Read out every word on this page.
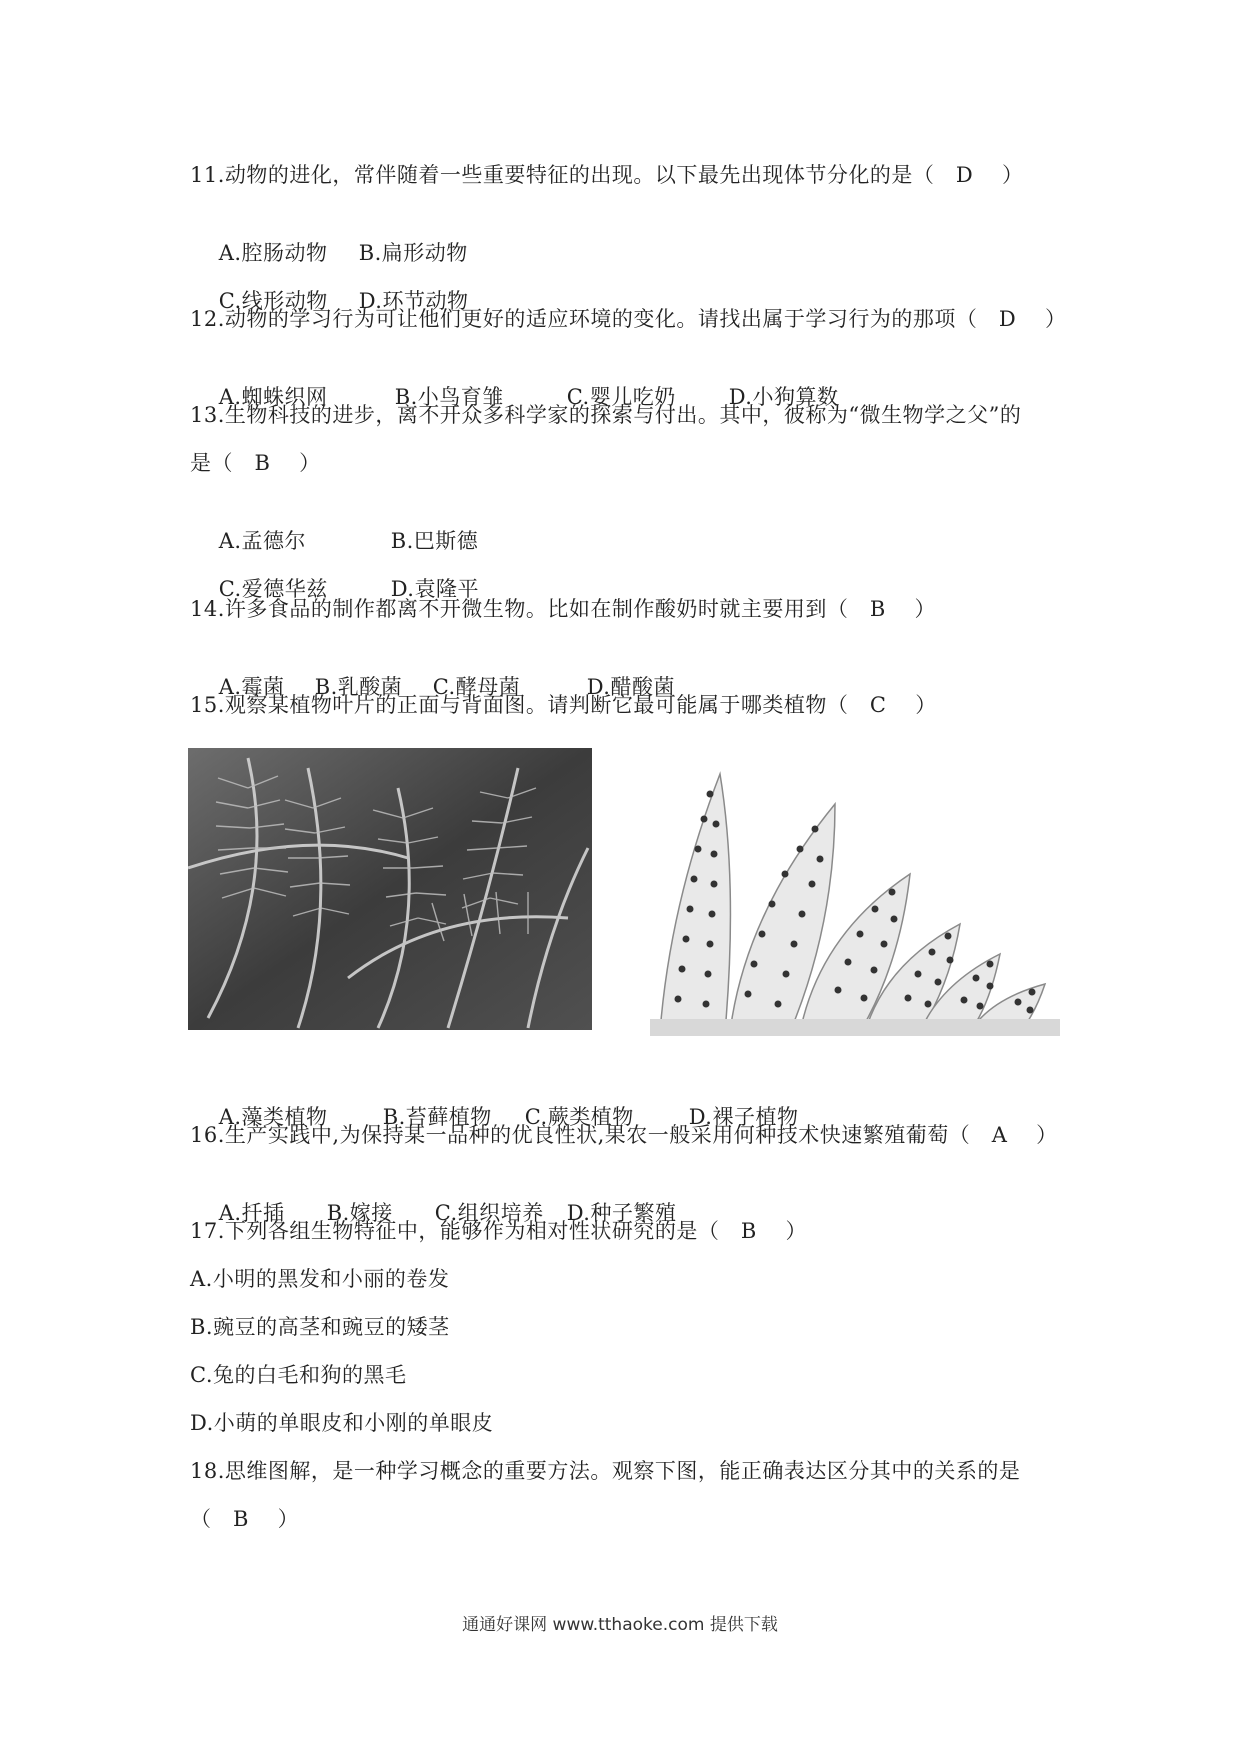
11.动物的进化，常伴随着一些重要特征的出现。以下最先出现体节分化的是（   D    ）

A.腔肠动物 B.扁形动物

C.线形动物 D.环节动物

12.动物的学习行为可让他们更好的适应环境的变化。请找出属于学习行为的那项（   D    ）

A.蜘蛛织网	B.小鸟育雏	C.婴儿吃奶	D.小狗算数

13.生物科技的进步，离不开众多科学家的探索与付出。其中，彼称为“微生物学之父”的
是（   B    ）

A.孟德尔	B.巴斯德

C.爱德华兹	D.袁隆平

14.许多食品的制作都离不开微生物。比如在制作酸奶时就主要用到（   B    ）

A.霉菌 B.乳酸菌 C.酵母菌	D.醋酸菌

15.观察某植物叶片的正面与背面图。请判断它最可能属于哪类植物（   C    ）

A.藻类植物	B.苔藓植物 C.蕨类植物	D.裸子植物

16.生产实践中,为保持某一品种的优良性状,果农一般采用何种技术快速繁殖葡萄（   A    ）

A.扦插 B.嫁接 C.组织培养 D.种子繁殖

17.下列各组生物特征中，能够作为相对性状研究的是（   B    ）
A.小明的黑发和小丽的卷发
B.豌豆的高茎和豌豆的矮茎
C.兔的白毛和狗的黑毛
D.小萌的单眼皮和小刚的单眼皮
18.思维图解，是一种学习概念的重要方法。观察下图，能正确表达区分其中的关系的是
（   B    ）
通通好课网 www.tthaoke.com 提供下载
